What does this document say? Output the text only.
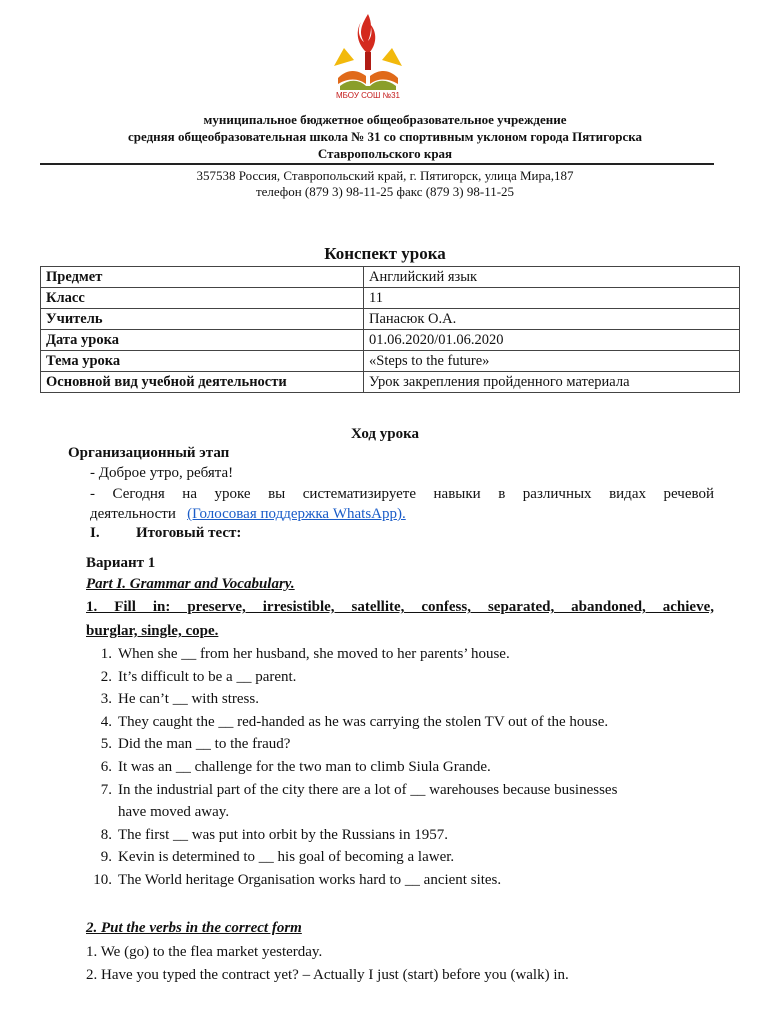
МБОУ СОШ №31
муниципальное бюджетное общеобразовательное учреждение
средняя общеобразовательная школа № 31 со спортивным уклоном города Пятигорска
Ставропольского края
357538 Россия, Ставропольский край, г. Пятигорск, улица Мира,187
телефон (879 3) 98-11-25 факс (879 3) 98-11-25
Конспект урока
Предмет	Английский язык
Класс	11
Учитель	Панасюк О.А.
Дата урока	01.06.2020/01.06.2020
Тема урока	«Steps to the future»
Основной вид учебной деятельности	Урок закрепления пройденного материала
Ход урока
Организационный этап
- Доброе утро, ребята!
- Сегодня на уроке вы систематизируете навыки в различных видах речевой
деятельности (Голосовая поддержка WhatsApp).
I. Итоговый тест:
Вариант 1
Part I. Grammar and Vocabulary.
1. Fill in: preserve, irresistible, satellite, confess, separated, abandoned, achieve,
burglar, single, cope.
1. When she __ from her husband, she moved to her parents’ house.
2. It’s difficult to be a __ parent.
3. He can’t __ with stress.
4. They caught the __ red-handed as he was carrying the stolen TV out of the house.
5. Did the man __ to the fraud?
6. It was an __ challenge for the two man to climb Siula Grande.
7. In the industrial part of the city there are a lot of __ warehouses because businesses
have moved away.
8. The first __ was put into orbit by the Russians in 1957.
9. Kevin is determined to __ his goal of becoming a lawer.
10. The World heritage Organisation works hard to __ ancient sites.
2. Put the verbs in the correct form
1. We (go) to the flea market yesterday.
2. Have you typed the contract yet? – Actually I just (start) before you (walk) in.
